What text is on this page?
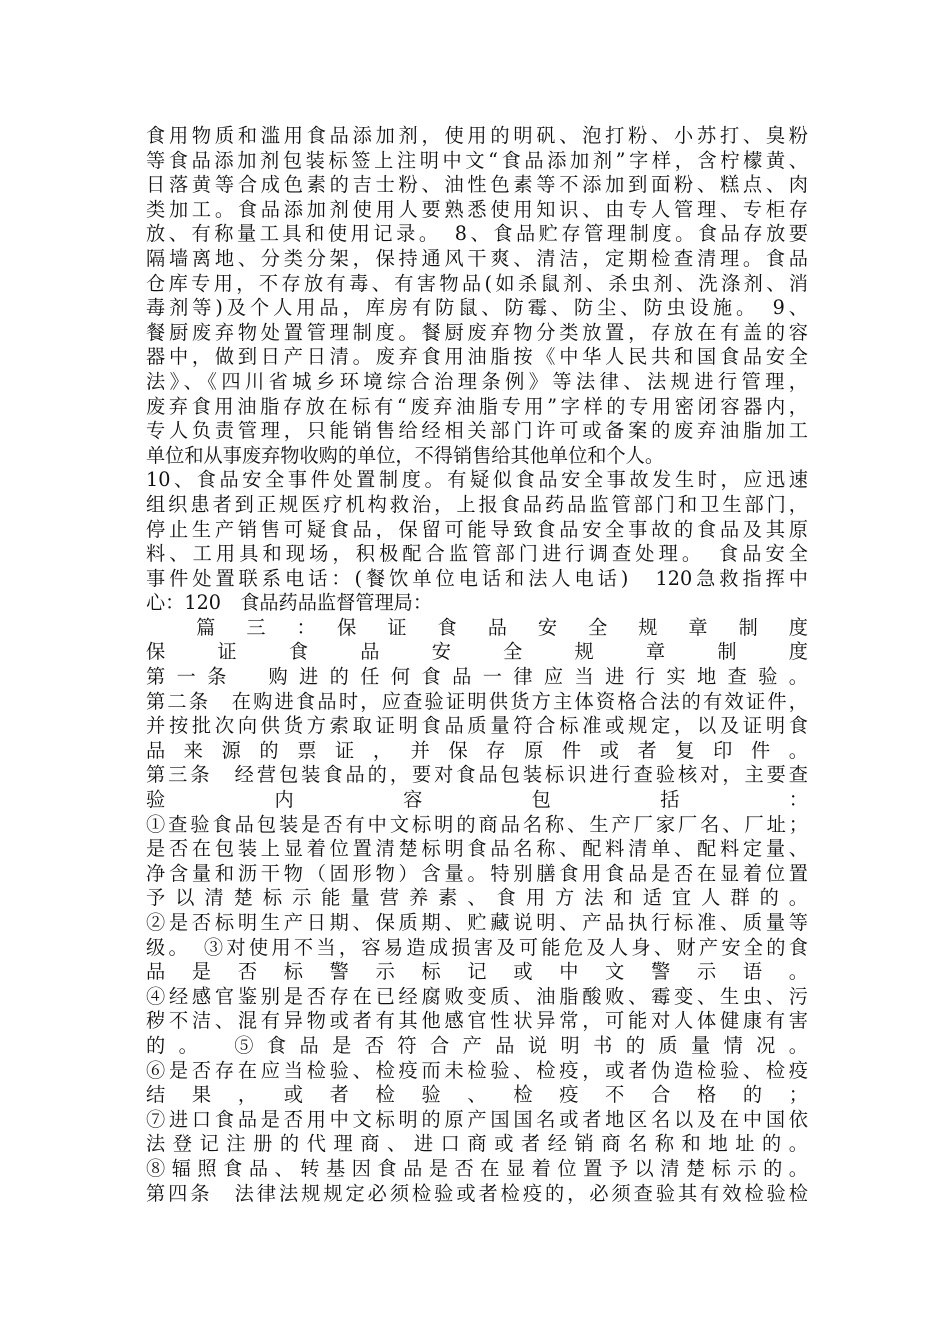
食用物质和滥用食品添加剂，使用的明矾、泡打粉、小苏打、臭粉
等食品添加剂包装标签上注明中文“食品添加剂”字样，含柠檬黄、
日落黄等合成色素的吉士粉、油性色素等不添加到面粉、糕点、肉
类加工。食品添加剂使用人要熟悉使用知识、由专人管理、专柜存
放、有称量工具和使用记录。　8、食品贮存管理制度。食品存放要
隔墙离地、分类分架，保持通风干爽、清洁，定期检查清理。食品
仓库专用，不存放有毒、有害物品(如杀鼠剂、杀虫剂、洗涤剂、消
毒剂等)及个人用品，库房有防鼠、防霉、防尘、防虫设施。　9、
餐厨废弃物处置管理制度。餐厨废弃物分类放置，存放在有盖的容
器中，做到日产日清。废弃食用油脂按《中华人民共和国食品安全
法》、《四川省城乡环境综合治理条例》等法律、法规进行管理，
废弃食用油脂存放在标有“废弃油脂专用”字样的专用密闭容器内，
专人负责管理，只能销售给经相关部门许可或备案的废弃油脂加工
单位和从事废弃物收购的单位，不得销售给其他单位和个人。
10、食品安全事件处置制度。有疑似食品安全事故发生时，应迅速
组织患者到正规医疗机构救治，上报食品药品监管部门和卫生部门，
停止生产销售可疑食品，保留可能导致食品安全事故的食品及其原
料、工用具和现场，积极配合监管部门进行调查处理。　食品安全
事件处置联系电话：(餐饮单位电话和法人电话)　120急救指挥中
心：120　食品药品监督管理局：
　　篇　三　：　保　证　食　品　安　全　规　章　制　度
保　证　食　品　安　全　规　章　制　度
第一条　购进的任何食品一律应当进行实地查验。
第二条　在购进食品时，应查验证明供货方主体资格合法的有效证件，
并按批次向供货方索取证明食品质量符合标准或规定，以及证明食
品来源的票证，并保存原件或者复印件。
第三条　经营包装食品的，要对食品包装标识进行查验核对，主要查
验　内　容　包　括　：
①查验食品包装是否有中文标明的商品名称、生产厂家厂名、厂址；
是否在包装上显着位置清楚标明食品名称、配料清单、配料定量、
净含量和沥干物（固形物）含量。特别膳食用食品是否在显着位置
予以清楚标示能量营养素、食用方法和适宜人群的。
②是否标明生产日期、保质期、贮藏说明、产品执行标准、质量等
级。　③对使用不当，容易造成损害及可能危及人身、财产安全的食
品是否标警示标记或中文警示语。
④经感官鉴别是否存在已经腐败变质、油脂酸败、霉变、生虫、污
秽不洁、混有异物或者有其他感官性状异常，可能对人体健康有害
的。　⑤食品是否符合产品说明书的质量情况。
⑥是否存在应当检验、检疫而未检验、检疫，或者伪造检验、检疫
结果，或者检验、检疫不合格的；
⑦进口食品是否用中文标明的原产国国名或者地区名以及在中国依
法登记注册的代理商、进口商或者经销商名称和地址的。
⑧辐照食品、转基因食品是否在显着位置予以清楚标示的。
第四条　法律法规规定必须检验或者检疫的，必须查验其有效检验检
